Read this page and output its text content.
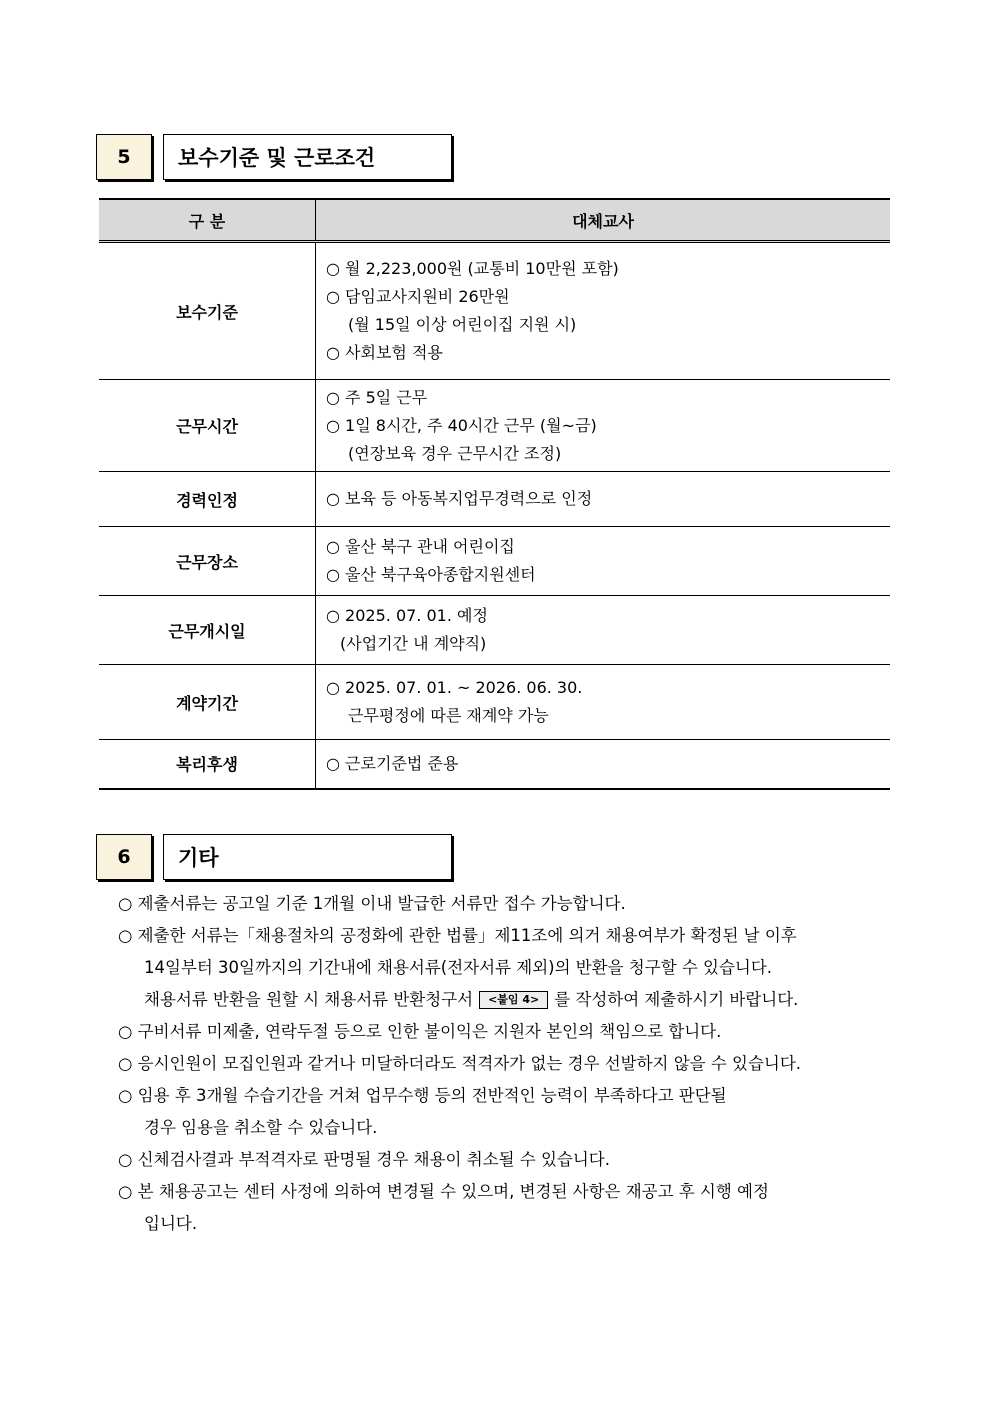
5	보수기준 및 근로조건
구 분	대체교사
보수기준	○ 월 2,223,000원 (교통비 10만원 포함)
○ 담임교사지원비 26만원
(월 15일 이상 어린이집 지원 시)
○ 사회보험 적용

근무시간	○ 주 5일 근무
○ 1일 8시간, 주 40시간 근무 (월~금)
(연장보육 경우 근무시간 조정)

경력인정	○ 보육 등 아동복지업무경력으로 인정

근무장소	○ 울산 북구 관내 어린이집
○ 울산 북구육아종합지원센터

근무개시일	○ 2025. 07. 01. 예정
(사업기간 내 계약직)

계약기간	○ 2025. 07. 01. ~ 2026. 06. 30.
근무평정에 따른 재계약 가능

복리후생	○ 근로기준법 준용
6	기타
○ 제출서류는 공고일 기준 1개월 이내 발급한 서류만 접수 가능합니다.
○ 제출한 서류는「채용절차의 공정화에 관한 법률」제11조에 의거 채용여부가 확정된 날 이후
14일부터 30일까지의 기간내에 채용서류(전자서류 제외)의 반환을 청구할 수 있습니다.
채용서류 반환을 원할 시 채용서류 반환청구서 <붙임 4> 를 작성하여 제출하시기 바랍니다.
○ 구비서류 미제출, 연락두절 등으로 인한 불이익은 지원자 본인의 책임으로 합니다.
○ 응시인원이 모집인원과 같거나 미달하더라도 적격자가 없는 경우 선발하지 않을 수 있습니다.
○ 임용 후 3개월 수습기간을 거쳐 업무수행 등의 전반적인 능력이 부족하다고 판단될
경우 임용을 취소할 수 있습니다.
○ 신체검사결과 부적격자로 판명될 경우 채용이 취소될 수 있습니다.
○ 본 채용공고는 센터 사정에 의하여 변경될 수 있으며, 변경된 사항은 재공고 후 시행 예정
입니다.
